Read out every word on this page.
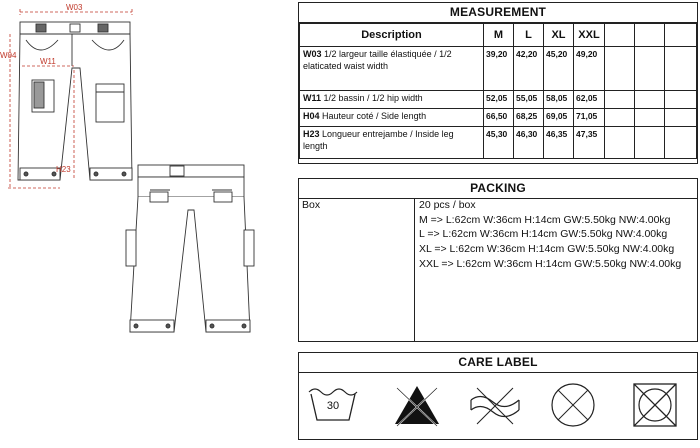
W03
W11
W04
H23
MEASUREMENT
Description	M	L	XL	XXL			
W03 1/2 largeur taille élastiquée / 1/2 elaticated waist width	39,20	42,20	45,20	49,20			
W11 1/2 bassin / 1/2 hip width	52,05	55,05	58,05	62,05			
H04 Hauteur coté / Side length	66,50	68,25	69,05	71,05			
H23 Longueur entrejambe / Inside leg length	45,30	46,30	46,35	47,35			
PACKING
Box	20 pcs / box
M => L:62cm W:36cm H:14cm GW:5.50kg NW:4.00kg
L => L:62cm W:36cm H:14cm GW:5.50kg NW:4.00kg
XL => L:62cm W:36cm H:14cm GW:5.50kg NW:4.00kg
XXL => L:62cm W:36cm H:14cm GW:5.50kg NW:4.00kg
CARE LABEL
30
